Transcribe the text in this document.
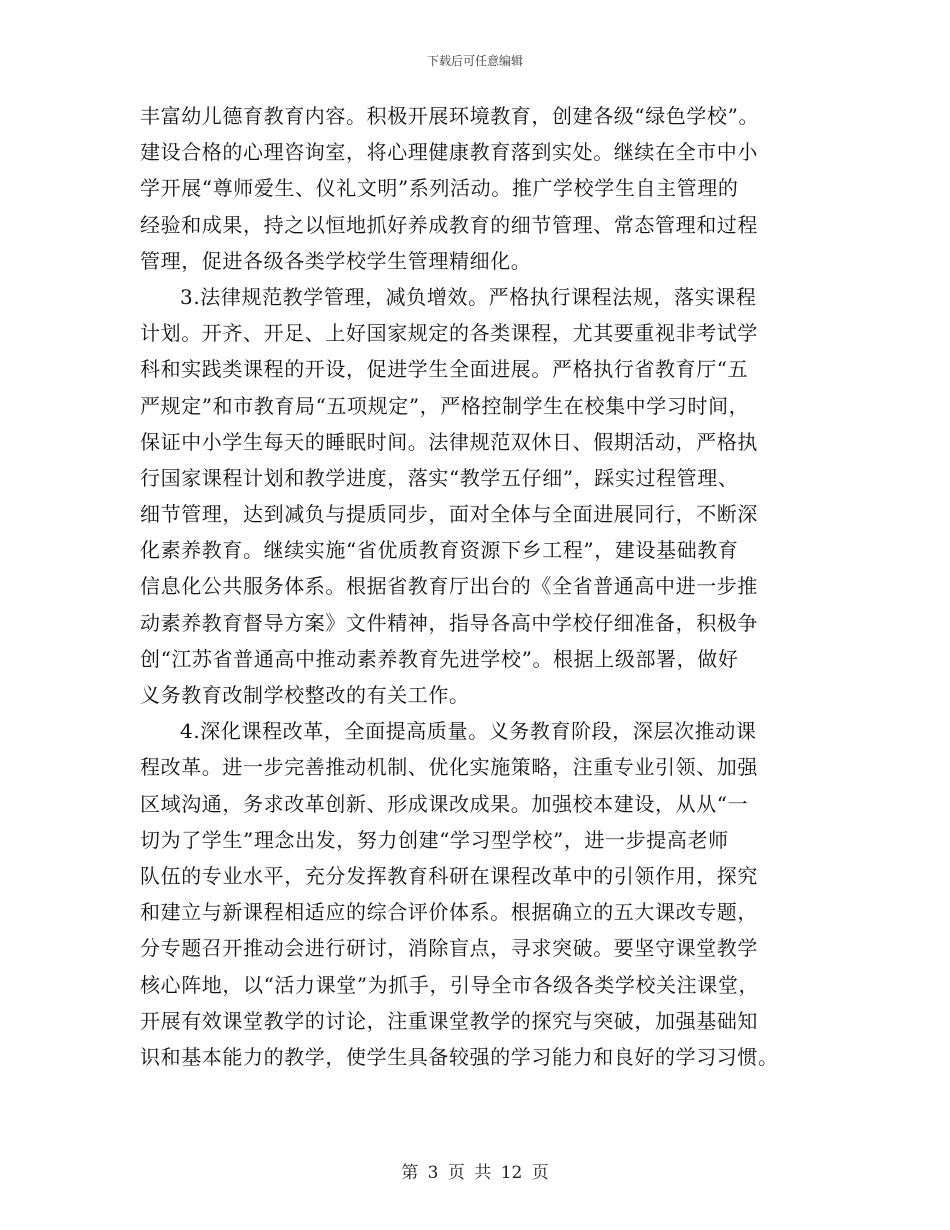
下载后可任意编辑
丰富幼儿德育教育内容。积极开展环境教育，创建各级“绿色学校”。
建设合格的心理咨询室，将心理健康教育落到实处。继续在全市中小
学开展“尊师爱生、仪礼文明”系列活动。推广学校学生自主管理的
经验和成果，持之以恒地抓好养成教育的细节管理、常态管理和过程
管理，促进各级各类学校学生管理精细化。
3.法律规范教学管理，减负增效。严格执行课程法规，落实课程
计划。开齐、开足、上好国家规定的各类课程，尤其要重视非考试学
科和实践类课程的开设，促进学生全面进展。严格执行省教育厅“五
严规定”和市教育局“五项规定”，严格控制学生在校集中学习时间，
保证中小学生每天的睡眠时间。法律规范双休日、假期活动，严格执
行国家课程计划和教学进度，落实“教学五仔细”，踩实过程管理、
细节管理，达到减负与提质同步，面对全体与全面进展同行，不断深
化素养教育。继续实施“省优质教育资源下乡工程”，建设基础教育
信息化公共服务体系。根据省教育厅出台的《全省普通高中进一步推
动素养教育督导方案》文件精神，指导各高中学校仔细准备，积极争
创“江苏省普通高中推动素养教育先进学校”。根据上级部署，做好
义务教育改制学校整改的有关工作。
4.深化课程改革，全面提高质量。义务教育阶段，深层次推动课
程改革。进一步完善推动机制、优化实施策略，注重专业引领、加强
区域沟通，务求改革创新、形成课改成果。加强校本建设，从从“一
切为了学生”理念出发，努力创建“学习型学校”，进一步提高老师
队伍的专业水平，充分发挥教育科研在课程改革中的引领作用，探究
和建立与新课程相适应的综合评价体系。根据确立的五大课改专题，
分专题召开推动会进行研讨，消除盲点，寻求突破。要坚守课堂教学
核心阵地，以“活力课堂”为抓手，引导全市各级各类学校关注课堂，
开展有效课堂教学的讨论，注重课堂教学的探究与突破，加强基础知
识和基本能力的教学，使学生具备较强的学习能力和良好的学习习惯。
第 3 页 共 12 页
